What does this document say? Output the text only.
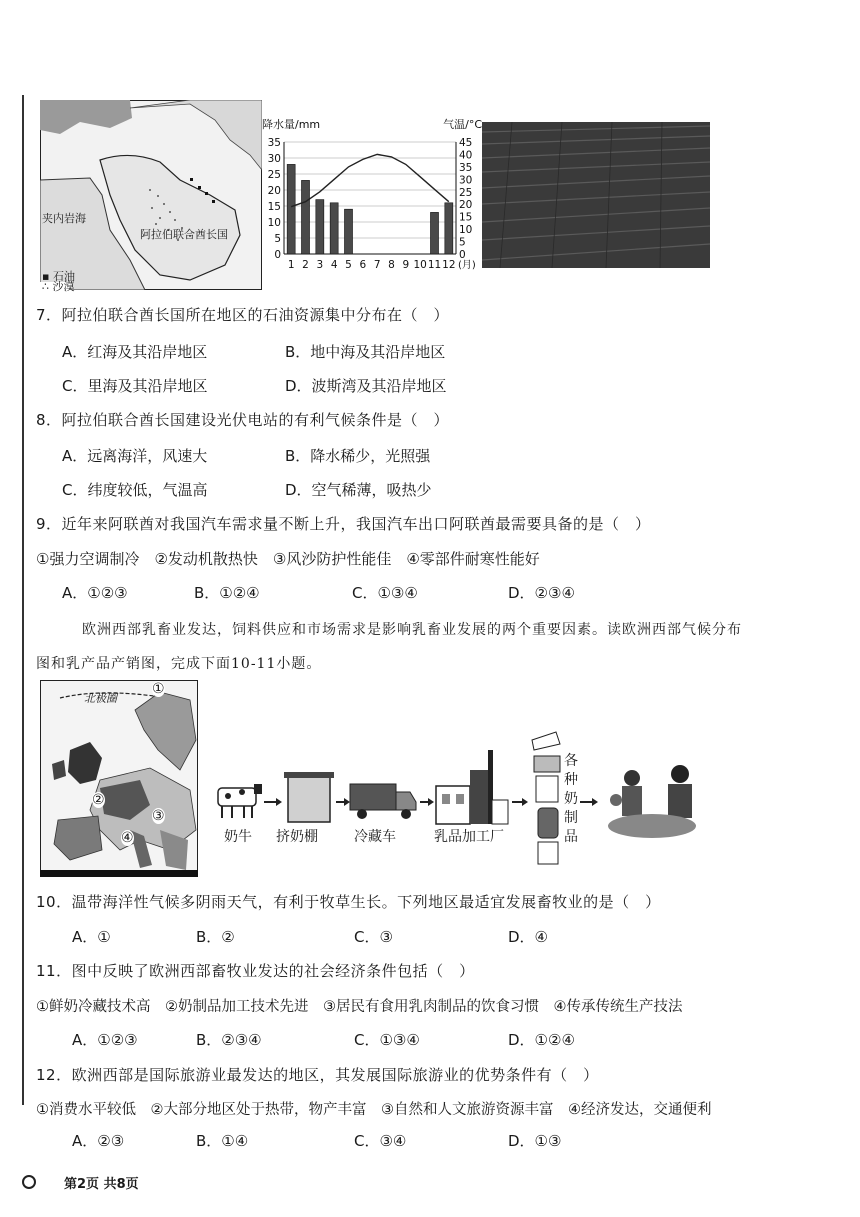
夹内岩海
阿拉伯联合酋长国
▪ 石油
∴ 沙漠
0
5
10
15
20
25
30
35
0
5
10
15
20
25
30
35
40
45
降水量/mm	气温/°C
1 2 3 4 5 6 7 8 9 10 11 12 (月)
7．阿拉伯联合酋长国所在地区的石油资源集中分布在（　）
A．红海及其沿岸地区	B．地中海及其沿岸地区
C．里海及其沿岸地区	D．波斯湾及其沿岸地区
8．阿拉伯联合酋长国建设光伏电站的有利气候条件是（　）
A．远离海洋，风速大	B．降水稀少，光照强
C．纬度较低，气温高	D．空气稀薄，吸热少
9．近年来阿联酋对我国汽车需求量不断上升，我国汽车出口阿联酋最需要具备的是（　）
①强力空调制冷　②发动机散热快　③风沙防护性能佳　④零部件耐寒性能好
A．①②③	B．①②④	C．①③④	D．②③④
欧洲西部乳畜业发达，饲料供应和市场需求是影响乳畜业发展的两个重要因素。读欧洲西部气候分布
图和乳产品产销图，完成下面10-11小题。
北极圈
①
②
③
④	奶牛 挤奶棚	冷藏车	乳品加工厂
各种奶制品
10．温带海洋性气候多阴雨天气，有利于牧草生长。下列地区最适宜发展畜牧业的是（　）
A．①	B．②	C．③	D．④
11．图中反映了欧洲西部畜牧业发达的社会经济条件包括（　）
①鲜奶冷藏技术高　②奶制品加工技术先进　③居民有食用乳肉制品的饮食习惯　④传承传统生产技法
A．①②③	B．②③④	C．①③④	D．①②④
12．欧洲西部是国际旅游业最发达的地区，其发展国际旅游业的优势条件有（　）
①消费水平较低　②大部分地区处于热带，物产丰富　③自然和人文旅游资源丰富　④经济发达，交通便利
A．②③	B．①④	C．③④	D．①③
第2页 共8页
